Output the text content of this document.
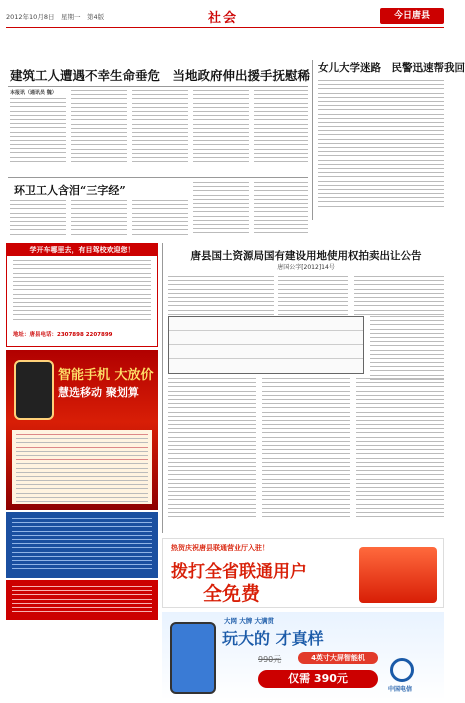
2012年10月8日　星期一　第4版	社会	今日唐县
建筑工人遭遇不幸生命垂危　当地政府伸出援手抚慰稀
本报讯（通讯员 魏）
女儿大学迷路　民警迅速帮我回
环卫工人含泪“三字经”
学开车哪里去，有目驾校欢迎您！
地址：唐县电话：2307898 2207899
智能手机 大放价
慧选移动 聚划算
唐县国土资源局国有建设用地使用权拍卖出让公告
唐国公字[2012]14号
热贺庆祝唐县联通营业厅入驻！
拨打全省联通用户
全免费
大网 大牌 大满贯
玩大的 才真样
990元	4英寸大屏智能机
仅需 390元
中国电信
